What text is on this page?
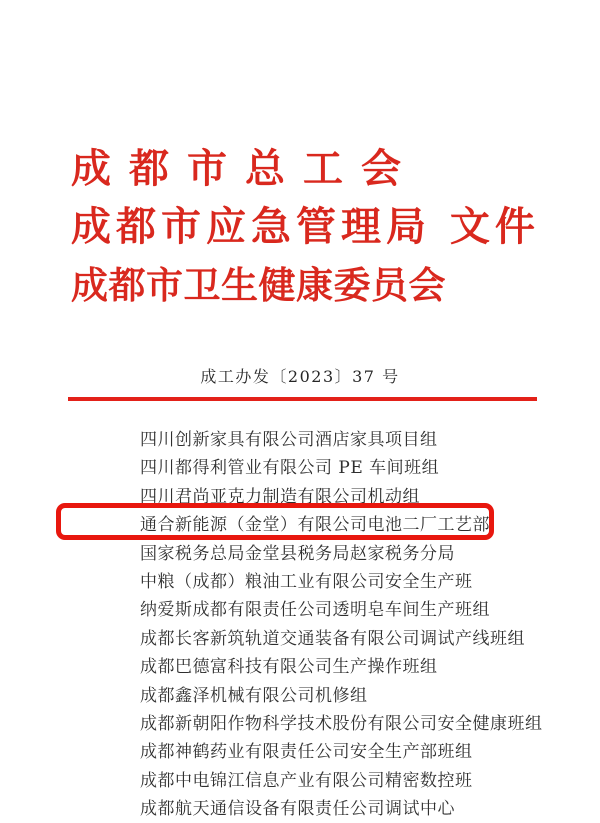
成都市总工会
成都市应急管理局 文件
成都市卫生健康委员会
成工办发〔2023〕37 号
四川创新家具有限公司酒店家具项目组
四川都得利管业有限公司 PE 车间班组
四川君尚亚克力制造有限公司机动组
通合新能源（金堂）有限公司电池二厂工艺部
国家税务总局金堂县税务局赵家税务分局
中粮（成都）粮油工业有限公司安全生产班
纳爱斯成都有限责任公司透明皂车间生产班组
成都长客新筑轨道交通装备有限公司调试产线班组
成都巴德富科技有限公司生产操作班组
成都鑫泽机械有限公司机修组
成都新朝阳作物科学技术股份有限公司安全健康班组
成都神鹤药业有限责任公司安全生产部班组
成都中电锦江信息产业有限公司精密数控班
成都航天通信设备有限责任公司调试中心
